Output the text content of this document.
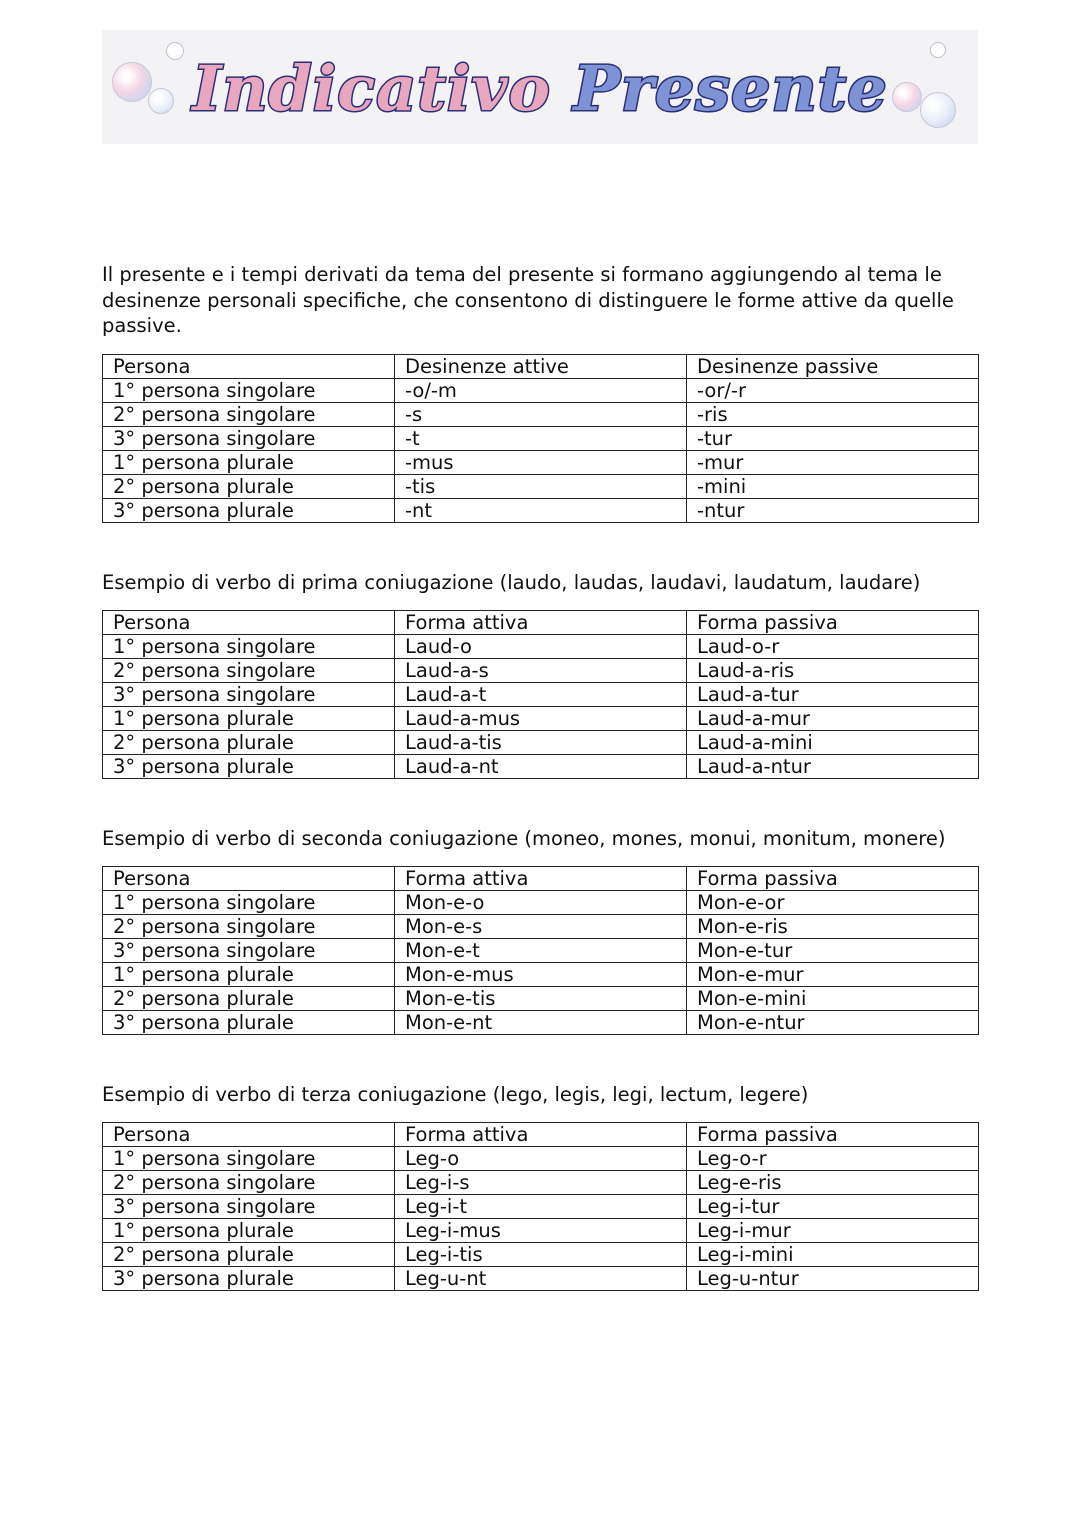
Indicativo Presente
Il presente e i tempi derivati da tema del presente si formano aggiungendo al tema le desinenze personali specifiche, che consentono di distinguere le forme attive da quelle passive.
Persona	Desinenze attive	Desinenze passive
1° persona singolare	-o/-m	-or/-r
2° persona singolare	-s	-ris
3° persona singolare	-t	-tur
1° persona plurale	-mus	-mur
2° persona plurale	-tis	-mini
3° persona plurale	-nt	-ntur
Esempio di verbo di prima coniugazione (laudo, laudas, laudavi, laudatum, laudare)
Persona	Forma attiva	Forma passiva
1° persona singolare	Laud-o	Laud-o-r
2° persona singolare	Laud-a-s	Laud-a-ris
3° persona singolare	Laud-a-t	Laud-a-tur
1° persona plurale	Laud-a-mus	Laud-a-mur
2° persona plurale	Laud-a-tis	Laud-a-mini
3° persona plurale	Laud-a-nt	Laud-a-ntur
Esempio di verbo di seconda coniugazione (moneo, mones, monui, monitum, monere)
Persona	Forma attiva	Forma passiva
1° persona singolare	Mon-e-o	Mon-e-or
2° persona singolare	Mon-e-s	Mon-e-ris
3° persona singolare	Mon-e-t	Mon-e-tur
1° persona plurale	Mon-e-mus	Mon-e-mur
2° persona plurale	Mon-e-tis	Mon-e-mini
3° persona plurale	Mon-e-nt	Mon-e-ntur
Esempio di verbo di terza coniugazione (lego, legis, legi, lectum, legere)
Persona	Forma attiva	Forma passiva
1° persona singolare	Leg-o	Leg-o-r
2° persona singolare	Leg-i-s	Leg-e-ris
3° persona singolare	Leg-i-t	Leg-i-tur
1° persona plurale	Leg-i-mus	Leg-i-mur
2° persona plurale	Leg-i-tis	Leg-i-mini
3° persona plurale	Leg-u-nt	Leg-u-ntur
